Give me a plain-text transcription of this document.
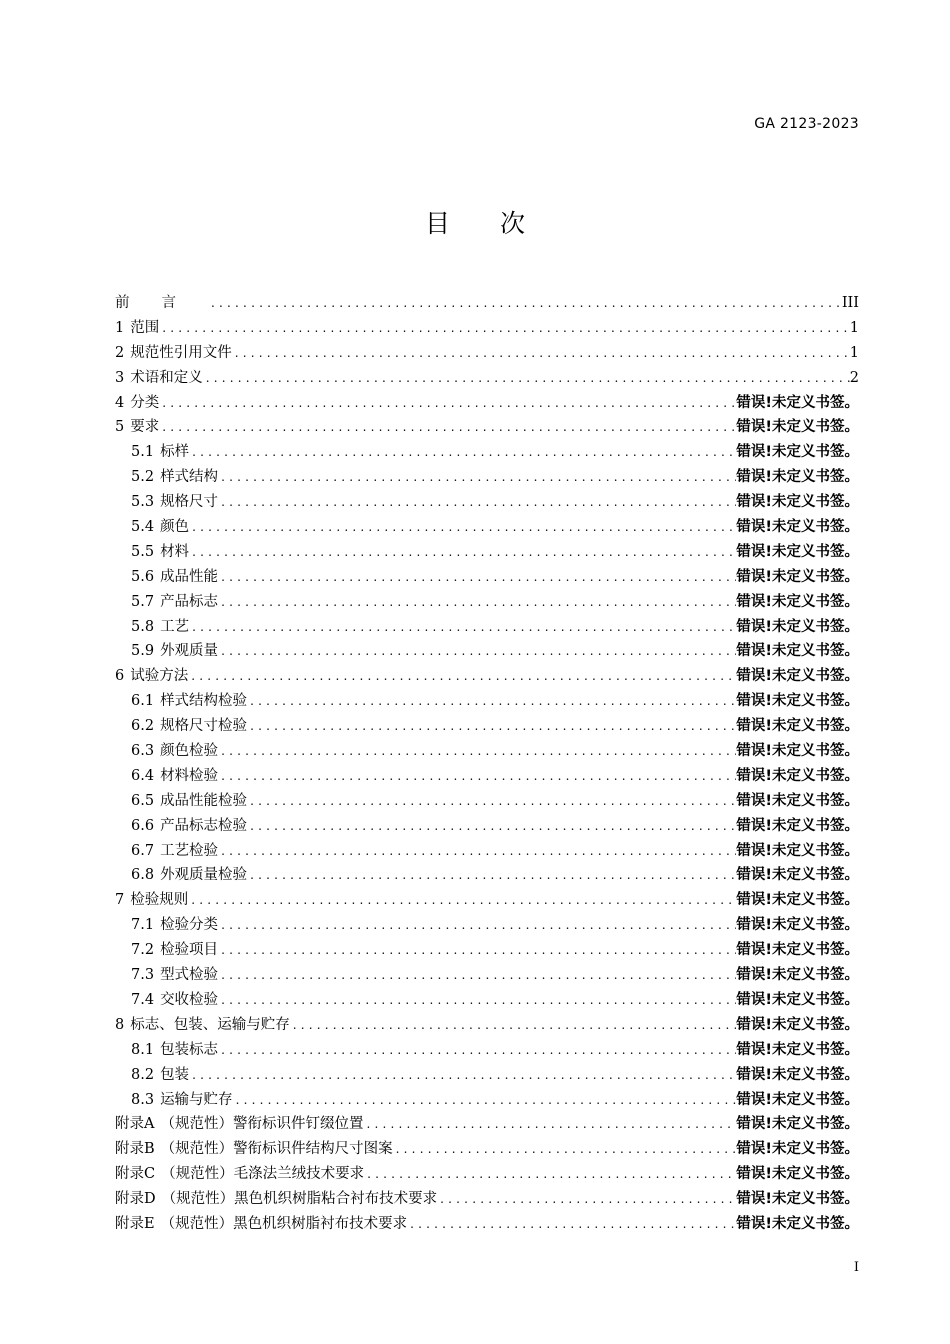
GA 2123-2023
目次
前言 .....	III
1 范围 .....	1
2 规范性引用文件 .....	1
3 术语和定义 .....	2
4 分类 .....	错误!未定义书签。
5 要求 .....	错误!未定义书签。
5.1 标样 .....	错误!未定义书签。
5.2 样式结构 .....	错误!未定义书签。
5.3 规格尺寸 .....	错误!未定义书签。
5.4 颜色 .....	错误!未定义书签。
5.5 材料 .....	错误!未定义书签。
5.6 成品性能 .....	错误!未定义书签。
5.7 产品标志 .....	错误!未定义书签。
5.8 工艺 .....	错误!未定义书签。
5.9 外观质量 .....	错误!未定义书签。
6 试验方法 .....	错误!未定义书签。
6.1 样式结构检验 .....	错误!未定义书签。
6.2 规格尺寸检验 .....	错误!未定义书签。
6.3 颜色检验 .....	错误!未定义书签。
6.4 材料检验 .....	错误!未定义书签。
6.5 成品性能检验 .....	错误!未定义书签。
6.6 产品标志检验 .....	错误!未定义书签。
6.7 工艺检验 .....	错误!未定义书签。
6.8 外观质量检验 .....	错误!未定义书签。
7 检验规则 .....	错误!未定义书签。
7.1 检验分类 .....	错误!未定义书签。
7.2 检验项目 .....	错误!未定义书签。
7.3 型式检验 .....	错误!未定义书签。
7.4 交收检验 .....	错误!未定义书签。
8 标志、包装、运输与贮存 .....	错误!未定义书签。
8.1 包装标志 .....	错误!未定义书签。
8.2 包装 .....	错误!未定义书签。
8.3 运输与贮存 .....	错误!未定义书签。
附录A （规范性）警衔标识件钉缀位置 .....	错误!未定义书签。
附录B （规范性）警衔标识件结构尺寸图案 .....	错误!未定义书签。
附录C （规范性）毛涤法兰绒技术要求 .....	错误!未定义书签。
附录D （规范性）黑色机织树脂粘合衬布技术要求 .....	错误!未定义书签。
附录E （规范性）黑色机织树脂衬布技术要求 .....	错误!未定义书签。
I
